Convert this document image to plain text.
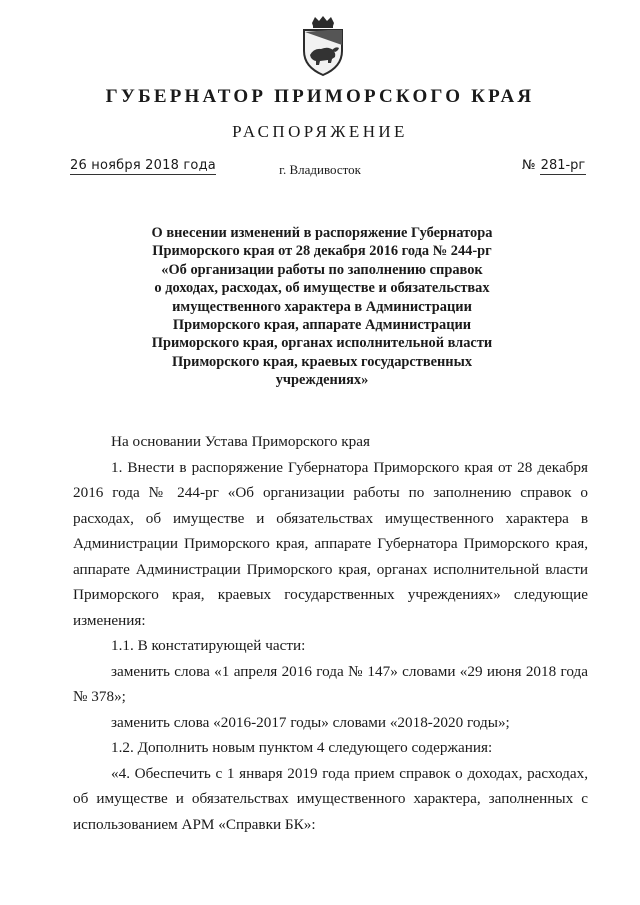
ГУБЕРНАТОР ПРИМОРСКОГО КРАЯ
РАСПОРЯЖЕНИЕ
26 ноября 2018 года	г. Владивосток	№ 281-рг
О внесении изменений в распоряжение Губернатора
Приморского края от 28 декабря 2016 года № 244-рг
«Об организации работы по заполнению справок
о доходах, расходах, об имуществе и обязательствах
имущественного характера в Администрации
Приморского края, аппарате Администрации
Приморского края, органах исполнительной власти
Приморского края, краевых государственных
учреждениях»
На основании Устава Приморского края
1. Внести в распоряжение Губернатора Приморского края от 28 декабря
2016 года № 244-рг «Об организации работы по заполнению справок о
расходах, об имуществе и обязательствах имущественного характера в
Администрации Приморского края, аппарате Губернатора Приморского края,
аппарате Администрации Приморского края, органах исполнительной власти
Приморского края, краевых государственных учреждениях» следующие
изменения:
1.1. В констатирующей части:
заменить слова «1 апреля 2016 года № 147» словами «29 июня 2018 года
№ 378»;
заменить слова «2016-2017 годы» словами «2018-2020 годы»;
1.2. Дополнить новым пунктом 4 следующего содержания:
«4. Обеспечить с 1 января 2019 года прием справок о доходах, расходах,
об имуществе и обязательствах имущественного характера, заполненных с
использованием АРМ «Справки БК»:
